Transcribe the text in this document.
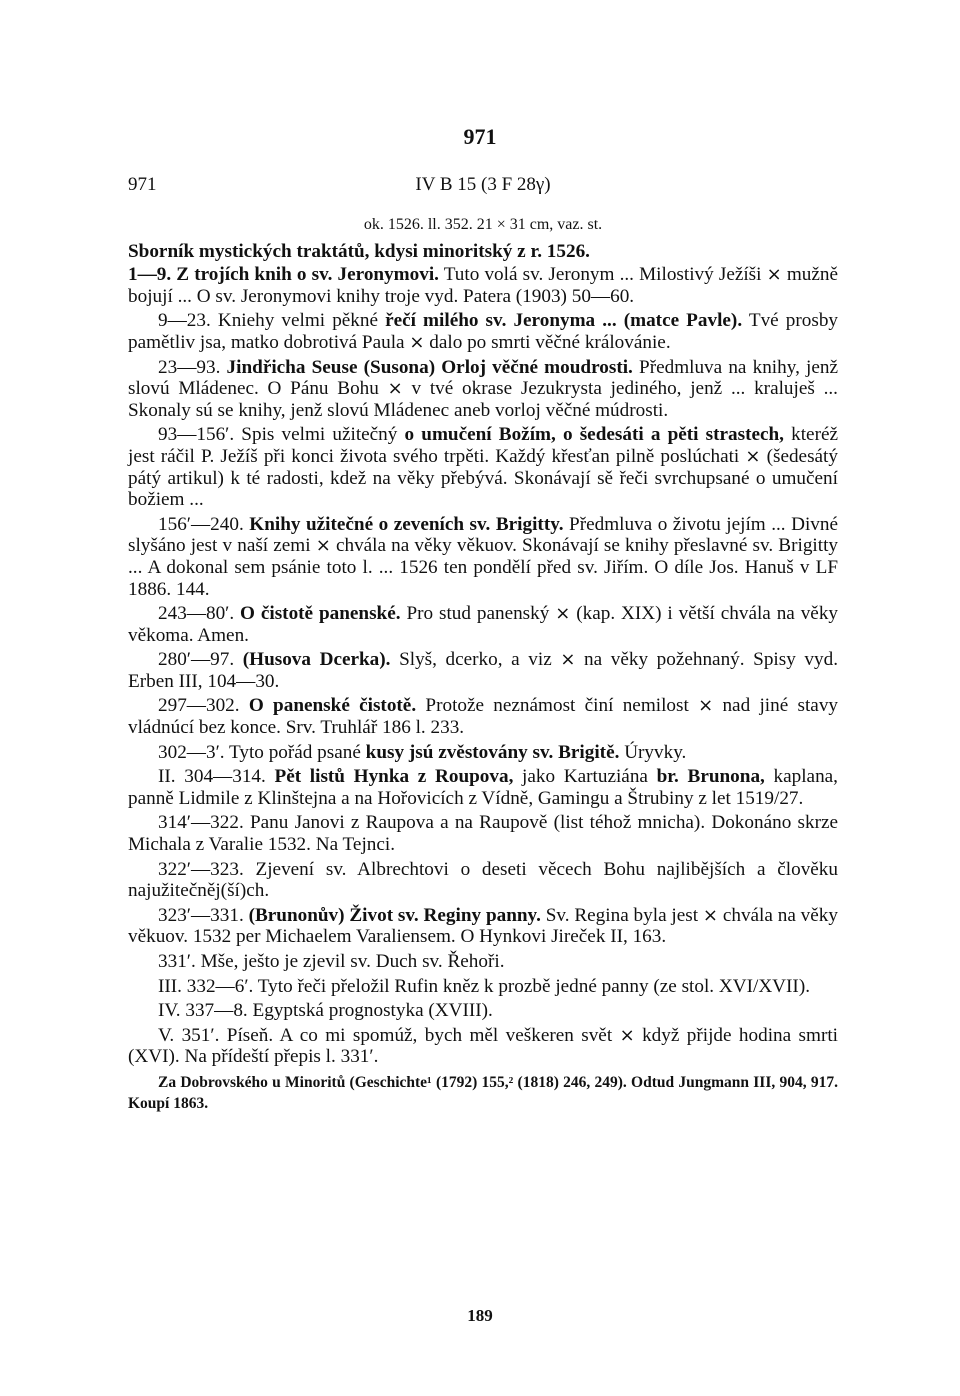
971
IV B 15 (3 F 28γ)
971
ok. 1526. ll. 352. 21 × 31 cm, vaz. st.
Sborník mystických traktátů, kdysi minoritský z r. 1526.
1—9. Z trojích knih o sv. Jeronymovi. Tuto volá sv. Jeronym ... Milostivý Ježíši × mužně bojují ... O sv. Jeronymovi knihy troje vyd. Patera (1903) 50—60.
9—23. Kniehy velmi pěkné řečí milého sv. Jeronyma ... (matce Pavle). Tvé prosby pamětliv jsa, matko dobrotivá Paula × dalo po smrti věčné královánie.
23—93. Jindřicha Seuse (Susona) Orloj věčné moudrosti. Předmluva na knihy, jenž slovú Mládenec. O Pánu Bohu × v tvé okrase Jezukrysta jediného, jenž ... kraluješ ... Skonaly sú se knihy, jenž slovú Mládenec aneb vorloj věčné múdrosti.
93—156′. Spis velmi užitečný o umučení Božím, o šedesáti a pěti strastech, kteréž jest ráčil P. Ježíš při konci života svého trpěti. Každý křesťan pilně poslúchati × (šedesátý pátý artikul) k té radosti, kdež na věky přebývá. Skonávají sě řeči svrchupsané o umučení božiem ...
156′—240. Knihy užitečné o zeveních sv. Brigitty. Předmluva o životu jejím ... Divné slyšáno jest v naší zemi × chvála na věky věkuov. Skonávají se knihy přeslavné sv. Brigitty ... A dokonal sem psánie toto l. ... 1526 ten pondělí před sv. Jiřím. O díle Jos. Hanuš v LF 1886. 144.
243—80′. O čistotě panenské. Pro stud panenský × (kap. XIX) i větší chvála na věky věkoma. Amen.
280′—97. (Husova Dcerka). Slyš, dcerko, a viz × na věky požehnaný. Spisy vyd. Erben III, 104—30.
297—302. O panenské čistotě. Protože neznámost činí nemilost × nad jiné stavy vládnúcí bez konce. Srv. Truhlář 186 l. 233.
302—3′. Tyto pořád psané kusy jsú zvěstovány sv. Brigitě. Úryvky.
II. 304—314. Pět listů Hynka z Roupova, jako Kartuziána br. Brunona, kaplana, panně Lidmile z Klinštejna a na Hořovicích z Vídně, Gamingu a Štrubiny z let 1519/27.
314′—322. Panu Janovi z Raupova a na Raupově (list téhož mnicha). Dokonáno skrze Michala z Varalie 1532. Na Tejnci.
322′—323. Zjevení sv. Albrechtovi o deseti věcech Bohu najlibějších a člověku najužitečněj(ší)ch.
323′—331. (Brunonův) Život sv. Reginy panny. Sv. Regina byla jest × chvála na věky věkuov. 1532 per Michaelem Varaliensem. O Hynkovi Jireček II, 163.
331′. Mše, ješto je zjevil sv. Duch sv. Řehoři.
III. 332—6′. Tyto řeči přeložil Rufin kněz k prozbě jedné panny (ze stol. XVI/XVII).
IV. 337—8. Egyptská prognostyka (XVIII).
V. 351′. Píseň. A co mi spomúž, bych měl veškeren svět × když přijde hodina smrti (XVI). Na přídeští přepis l. 331′.
Za Dobrovského u Minoritů (Geschichte¹ (1792) 155,² (1818) 246, 249). Odtud Jungmann III, 904, 917. Koupí 1863.
189
